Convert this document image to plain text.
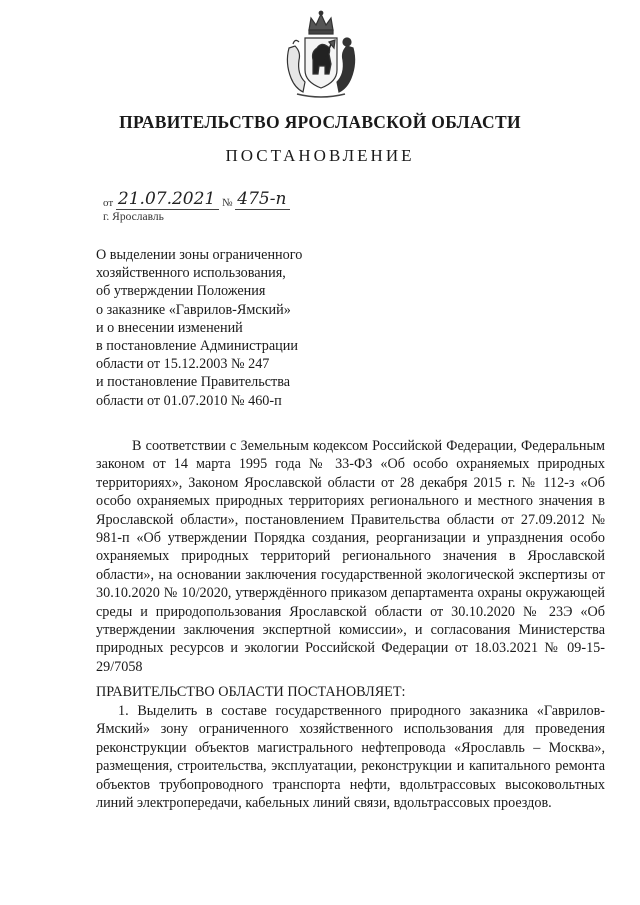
ПРАВИТЕЛЬСТВО ЯРОСЛАВСКОЙ ОБЛАСТИ
ПОСТАНОВЛЕНИЕ
от 21.07.2021 № 475-п
г. Ярославль
О выделении зоны ограниченного
хозяйственного использования,
об утверждении Положения
о заказнике «Гаврилов-Ямский»
и о внесении изменений
в постановление Администрации
области от 15.12.2003 № 247
и постановление Правительства
области от 01.07.2010 № 460-п
В соответствии с Земельным кодексом Российской Федерации, Федеральным законом от 14 марта 1995 года № 33-ФЗ «Об особо охраняемых природных территориях», Законом Ярославской области от 28 декабря 2015 г. № 112-з «Об особо охраняемых природных территориях регионального и местного значения в Ярославской области», постановлением Правительства области от 27.09.2012 № 981-п «Об утверждении Порядка создания, реорганизации и упразднения особо охраняемых природных территорий регионального значения в Ярославской области», на основании заключения государственной экологической экспертизы от 30.10.2020 № 10/2020, утверждённого приказом департамента охраны окружающей среды и природопользования Ярославской области от 30.10.2020 № 23Э «Об утверждении заключения экспертной комиссии», и согласования Министерства природных ресурсов и экологии Российской Федерации от 18.03.2021 № 09-15-29/7058
ПРАВИТЕЛЬСТВО ОБЛАСТИ ПОСТАНОВЛЯЕТ:
1. Выделить в составе государственного природного заказника «Гаврилов-Ямский» зону ограниченного хозяйственного использования для проведения реконструкции объектов магистрального нефтепровода «Ярославль – Москва», размещения, строительства, эксплуатации, реконструкции и капитального ремонта объектов трубопроводного транспорта нефти, вдольтрассовых высоковольтных линий электропередачи, кабельных линий связи, вдольтрассовых проездов.
